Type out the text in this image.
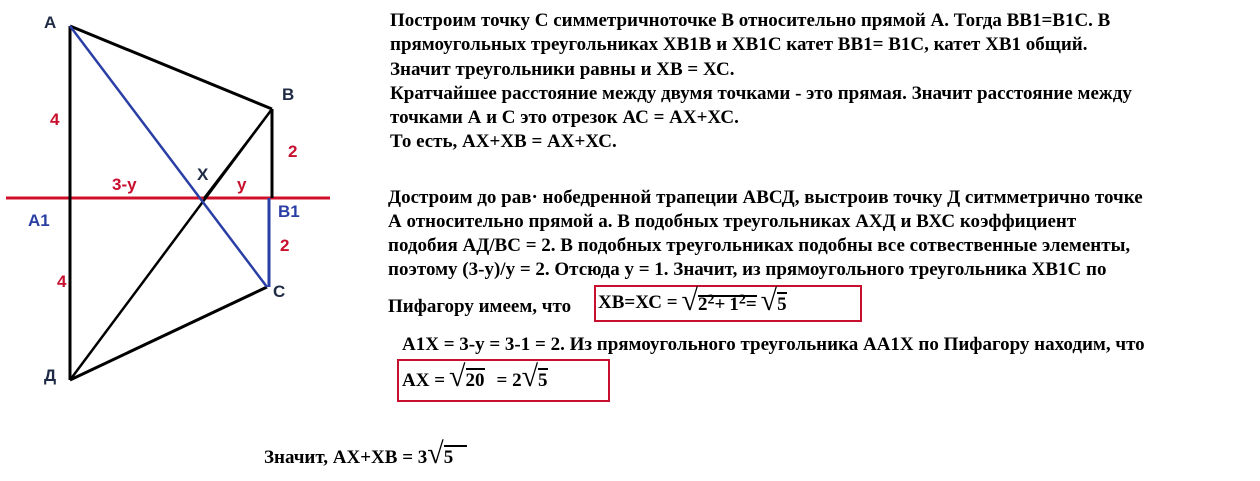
А
В
Х
А1	В1
С
Д
4
4
2
2
3-у	у

Построим точку С симметричноточке В относительно прямой А. Тогда ВВ1=В1С. В

прямоугольных треугольниках ХВ1В и ХВ1С катет ВВ1= В1С, катет ХВ1 общий.

Значит треугольники равны и ХВ = ХС.

Кратчайшее расстояние между двумя точками - это прямая. Значит расстояние между

точками А и С это отрезок АС = АХ+ХС.

То есть, АХ+ХВ = АХ+ХС.

Достроим до рав· нобедренной трапеции АВСД, выстроив точку Д ситмметрично точке

А относительно прямой а. В подобных треугольниках АХД и ВХС коэффициент

подобия АД/ВС = 2. В подобных треугольниках подобны все сотвественные элементы,

поэтому (3-у)/у = 2. Отсюда у = 1. Значит, из прямоугольного треугольника ХВ1С по

Пифагору имеем, что $ХВ=ХС = √2^2+ 1^2= √5$

А1Х = 3-у = 3-1 = 2. Из прямоугольного треугольника АА1Х по Пифагору находим, что

АХ = √20 = 2√5
Значит, АХ+ХВ = 3√5
